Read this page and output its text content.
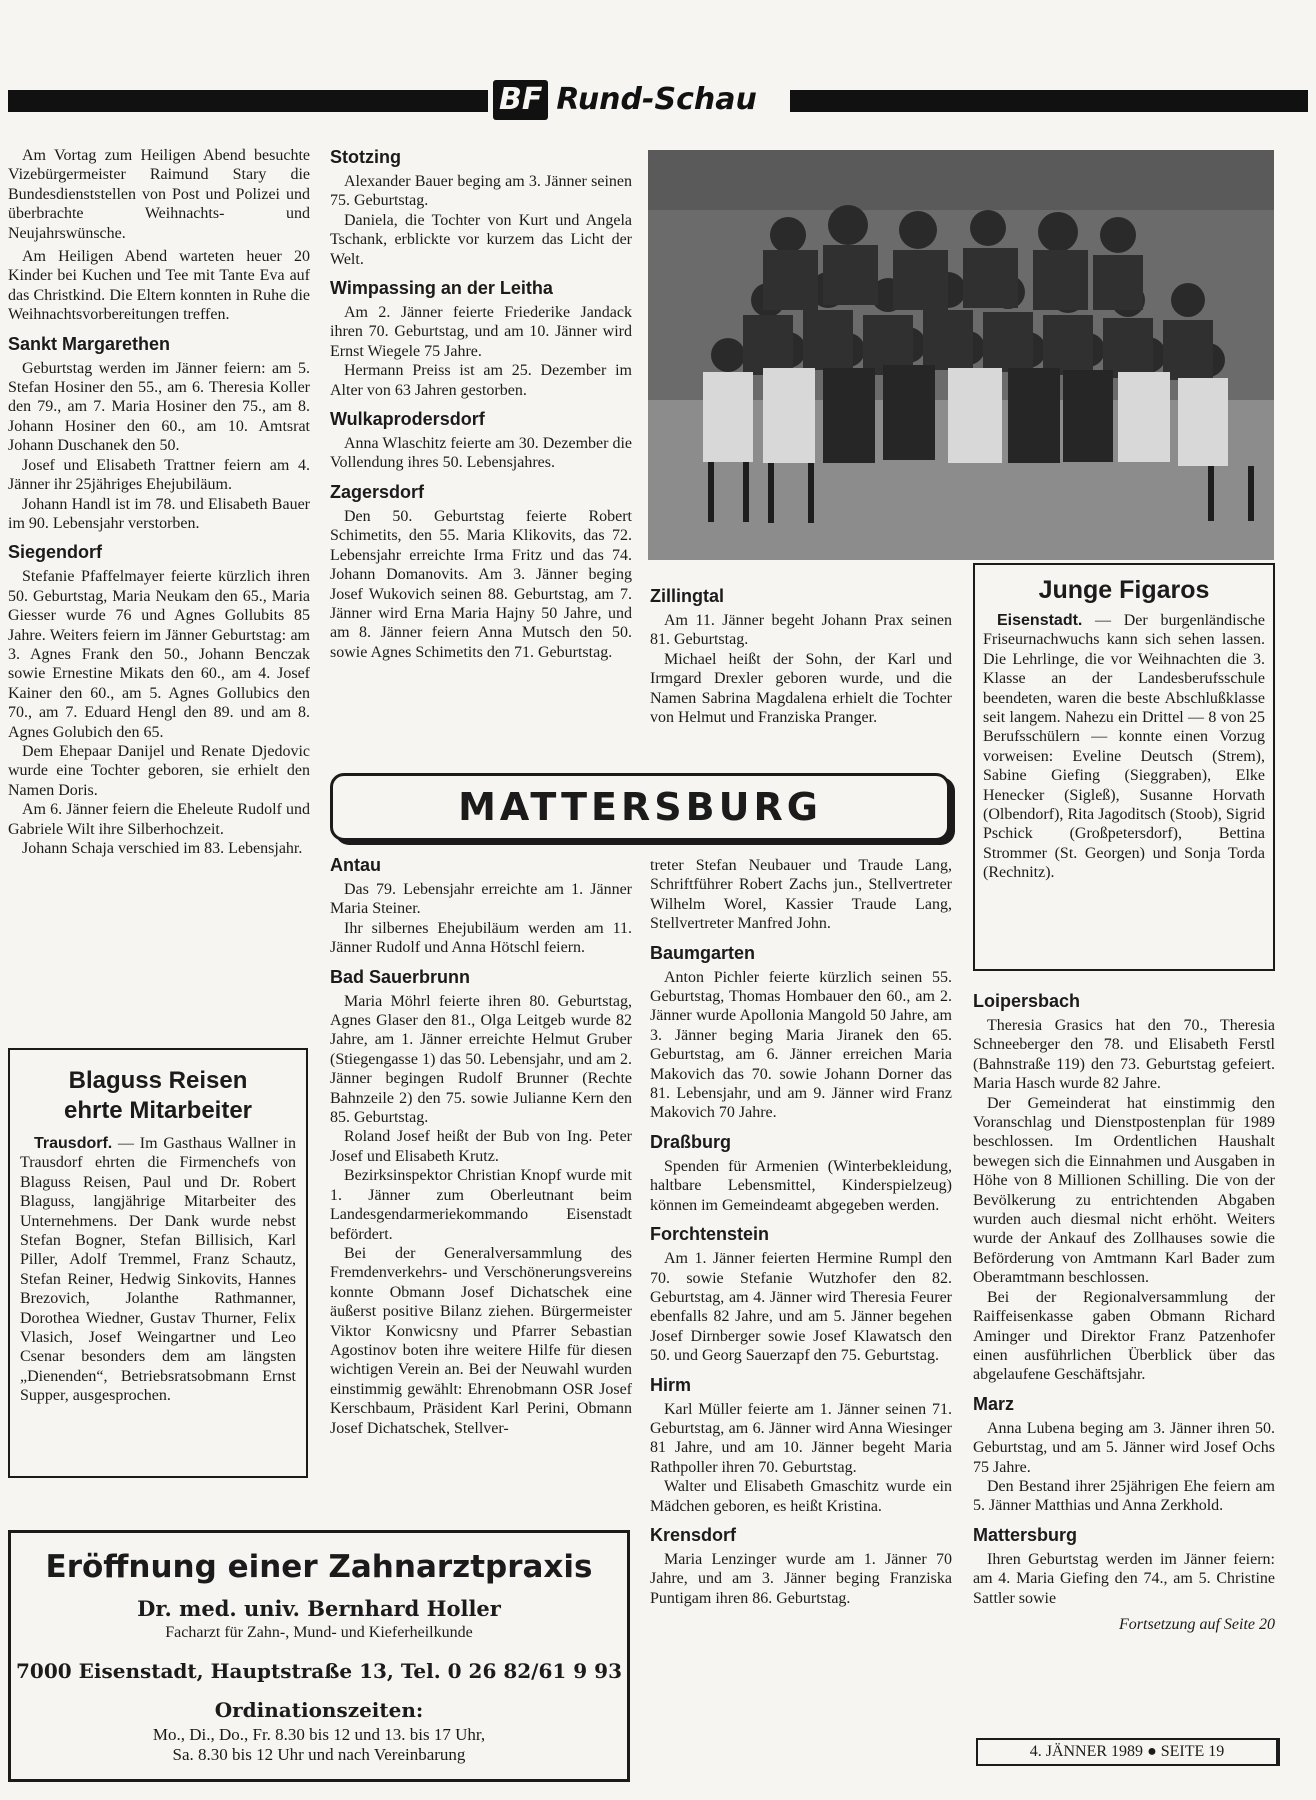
BF Rund-Schau

Am Vortag zum Heiligen Abend besuchte Vizebürgermeister Raimund Stary die Bundesdienststellen von Post und Polizei und überbrachte Weihnachts- und Neujahrswünsche.

Am Heiligen Abend warteten heuer 20 Kinder bei Kuchen und Tee mit Tante Eva auf das Christkind. Die Eltern konnten in Ruhe die Weihnachtsvorbereitungen treffen.

Sankt Margarethen

Geburtstag werden im Jänner feiern: am 5. Stefan Hosiner den 55., am 6. Theresia Koller den 79., am 7. Maria Hosiner den 75., am 8. Johann Hosiner den 60., am 10. Amtsrat Johann Duschanek den 50.

Josef und Elisabeth Trattner feiern am 4. Jänner ihr 25jähriges Ehejubiläum.

Johann Handl ist im 78. und Elisabeth Bauer im 90. Lebensjahr verstorben.

Siegendorf

Stefanie Pfaffelmayer feierte kürzlich ihren 50. Geburtstag, Maria Neukam den 65., Maria Giesser wurde 76 und Agnes Gollubits 85 Jahre. Weiters feiern im Jänner Geburtstag: am 3. Agnes Frank den 50., Johann Benczak sowie Ernestine Mikats den 60., am 4. Josef Kainer den 60., am 5. Agnes Gollubics den 70., am 7. Eduard Hengl den 89. und am 8. Agnes Golubich den 65.

Dem Ehepaar Danijel und Renate Djedovic wurde eine Tochter geboren, sie erhielt den Namen Doris.

Am 6. Jänner feiern die Eheleute Rudolf und Gabriele Wilt ihre Silberhochzeit.

Johann Schaja verschied im 83. Lebensjahr.

Stotzing

Alexander Bauer beging am 3. Jänner seinen 75. Geburtstag.

Daniela, die Tochter von Kurt und Angela Tschank, erblickte vor kurzem das Licht der Welt.

Wimpassing an der Leitha

Am 2. Jänner feierte Friederike Jandack ihren 70. Geburtstag, und am 10. Jänner wird Ernst Wiegele 75 Jahre.

Hermann Preiss ist am 25. Dezember im Alter von 63 Jahren gestorben.

Wulkaprodersdorf

Anna Wlaschitz feierte am 30. Dezember die Vollendung ihres 50. Lebensjahres.

Zagersdorf

Den 50. Geburtstag feierte Robert Schimetits, den 55. Maria Klikovits, das 72. Lebensjahr erreichte Irma Fritz und das 74. Johann Domanovits. Am 3. Jänner beging Josef Wukovich seinen 88. Geburtstag, am 7. Jänner wird Erna Maria Hajny 50 Jahre, und am 8. Jänner feiern Anna Mutsch den 50. sowie Agnes Schimetits den 71. Geburtstag.

Junge Figaros

Eisenstadt. — Der burgenländische Friseurnachwuchs kann sich sehen lassen. Die Lehrlinge, die vor Weihnachten die 3. Klasse an der Landesberufsschule beendeten, waren die beste Abschlußklasse seit langem. Nahezu ein Drittel — 8 von 25 Berufsschülern — konnte einen Vorzug vorweisen: Eveline Deutsch (Strem), Sabine Giefing (Sieggraben), Elke Henecker (Sigleß), Susanne Horvath (Olbendorf), Rita Jagoditsch (Stoob), Sigrid Pschick (Großpetersdorf), Bettina Strommer (St. Georgen) und Sonja Torda (Rechnitz).

Zillingtal

Am 11. Jänner begeht Johann Prax seinen 81. Geburtstag.

Michael heißt der Sohn, der Karl und Irmgard Drexler geboren wurde, und die Namen Sabrina Magdalena erhielt die Tochter von Helmut und Franziska Pranger.

MATTERSBURG
Antau

Das 79. Lebensjahr erreichte am 1. Jänner Maria Steiner.

Ihr silbernes Ehejubiläum werden am 11. Jänner Rudolf und Anna Hötschl feiern.

Bad Sauerbrunn

Maria Möhrl feierte ihren 80. Geburtstag, Agnes Glaser den 81., Olga Leitgeb wurde 82 Jahre, am 1. Jänner erreichte Helmut Gruber (Stiegengasse 1) das 50. Lebensjahr, und am 2. Jänner begingen Rudolf Brunner (Rechte Bahnzeile 2) den 75. sowie Julianne Kern den 85. Geburtstag.

Roland Josef heißt der Bub von Ing. Peter Josef und Elisabeth Krutz.

Bezirksinspektor Christian Knopf wurde mit 1. Jänner zum Oberleutnant beim Landesgendarmeriekommando Eisenstadt befördert.

Bei der Generalversammlung des Fremdenverkehrs- und Verschönerungsvereins konnte Obmann Josef Dichatschek eine äußerst positive Bilanz ziehen. Bürgermeister Viktor Konwicsny und Pfarrer Sebastian Agostinov boten ihre weitere Hilfe für diesen wichtigen Verein an. Bei der Neuwahl wurden einstimmig gewählt: Ehrenobmann OSR Josef Kerschbaum, Präsident Karl Perini, Obmann Josef Dichatschek, Stellver-

treter Stefan Neubauer und Traude Lang, Schriftführer Robert Zachs jun., Stellvertreter Wilhelm Worel, Kassier Traude Lang, Stellvertreter Manfred John.

Baumgarten

Anton Pichler feierte kürzlich seinen 55. Geburtstag, Thomas Hombauer den 60., am 2. Jänner wurde Apollonia Mangold 50 Jahre, am 3. Jänner beging Maria Jiranek den 65. Geburtstag, am 6. Jänner erreichen Maria Makovich das 70. sowie Johann Dorner das 81. Lebensjahr, und am 9. Jänner wird Franz Makovich 70 Jahre.

Draßburg

Spenden für Armenien (Winterbekleidung, haltbare Lebensmittel, Kinderspielzeug) können im Gemeindeamt abgegeben werden.

Forchtenstein

Am 1. Jänner feierten Hermine Rumpl den 70. sowie Stefanie Wutzhofer den 82. Geburtstag, am 4. Jänner wird Theresia Feurer ebenfalls 82 Jahre, und am 5. Jänner begehen Josef Dirnberger sowie Josef Klawatsch den 50. und Georg Sauerzapf den 75. Geburtstag.

Hirm

Karl Müller feierte am 1. Jänner seinen 71. Geburtstag, am 6. Jänner wird Anna Wiesinger 81 Jahre, und am 10. Jänner begeht Maria Rathpoller ihren 70. Geburtstag.

Walter und Elisabeth Gmaschitz wurde ein Mädchen geboren, es heißt Kristina.

Krensdorf

Maria Lenzinger wurde am 1. Jänner 70 Jahre, und am 3. Jänner beging Franziska Puntigam ihren 86. Geburtstag.

Loipersbach

Theresia Grasics hat den 70., Theresia Schneeberger den 78. und Elisabeth Ferstl (Bahnstraße 119) den 73. Geburtstag gefeiert. Maria Hasch wurde 82 Jahre.

Der Gemeinderat hat einstimmig den Voranschlag und Dienstpostenplan für 1989 beschlossen. Im Ordentlichen Haushalt bewegen sich die Einnahmen und Ausgaben in Höhe von 8 Millionen Schilling. Die von der Bevölkerung zu entrichtenden Abgaben wurden auch diesmal nicht erhöht. Weiters wurde der Ankauf des Zollhauses sowie die Beförderung von Amtmann Karl Bader zum Oberamtmann beschlossen.

Bei der Regionalversammlung der Raiffeisenkasse gaben Obmann Richard Aminger und Direktor Franz Patzenhofer einen ausführlichen Überblick über das abgelaufene Geschäftsjahr.

Marz

Anna Lubena beging am 3. Jänner ihren 50. Geburtstag, und am 5. Jänner wird Josef Ochs 75 Jahre.

Den Bestand ihrer 25jährigen Ehe feiern am 5. Jänner Matthias und Anna Zerkhold.

Mattersburg

Ihren Geburtstag werden im Jänner feiern: am 4. Maria Giefing den 74., am 5. Christine Sattler sowie

Fortsetzung auf Seite 20
Blaguss Reisen
ehrte Mitarbeiter

Trausdorf. — Im Gasthaus Wallner in Trausdorf ehrten die Firmenchefs von Blaguss Reisen, Paul und Dr. Robert Blaguss, langjährige Mitarbeiter des Unternehmens. Der Dank wurde nebst Stefan Bogner, Stefan Billisich, Karl Piller, Adolf Tremmel, Franz Schautz, Stefan Reiner, Hedwig Sinkovits, Hannes Brezovich, Jolanthe Rathmanner, Dorothea Wiedner, Gustav Thurner, Felix Vlasich, Josef Weingartner und Leo Csenar besonders dem am längsten „Dienenden“, Betriebsratsobmann Ernst Supper, ausgesprochen.

Eröffnung einer Zahnarztpraxis
Dr. med. univ. Bernhard Holler
Facharzt für Zahn-, Mund- und Kieferheilkunde
7000 Eisenstadt, Hauptstraße 13, Tel. 0 26 82/61 9 93
Ordinationszeiten:
Mo., Di., Do., Fr. 8.30 bis 12 und 13. bis 17 Uhr,
Sa. 8.30 bis 12 Uhr und nach Vereinbarung	4. JÄNNER 1989 ● SEITE 19
